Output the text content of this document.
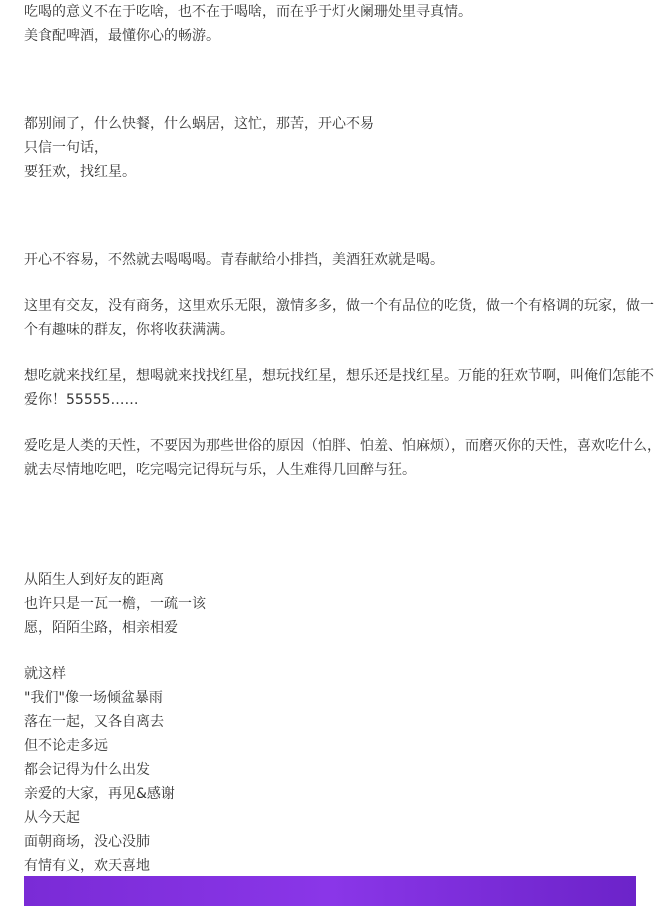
吃喝的意义不在于吃啥，也不在于喝啥，而在乎于灯火阑珊处里寻真情。
美食配啤酒，最懂你心的畅游。
都别闹了，什么快餐，什么蜗居，这忙，那苦，开心不易
只信一句话，
要狂欢，找红星。
开心不容易，不然就去喝喝喝。青春献给小排挡，美酒狂欢就是喝。
这里有交友，没有商务，这里欢乐无限，激情多多，做一个有品位的吃货，做一个有格调的玩家，做一个有趣味的群友，你将收获满满。
想吃就来找红星，想喝就来找找红星，想玩找红星，想乐还是找红星。万能的狂欢节啊，叫俺们怎能不爱你！55555……
爱吃是人类的天性，不要因为那些世俗的原因（怕胖、怕羞、怕麻烦），而磨灭你的天性，喜欢吃什么，就去尽情地吃吧，吃完喝完记得玩与乐，人生难得几回醉与狂。
从陌生人到好友的距离
也许只是一瓦一檐，一疏一该
愿，陌陌尘路，相亲相爱
就这样
"我们"像一场倾盆暴雨
落在一起，又各自离去
但不论走多远
都会记得为什么出发
亲爱的大家，再见&感谢
从今天起
面朝商场，没心没肺
有情有义，欢天喜地
